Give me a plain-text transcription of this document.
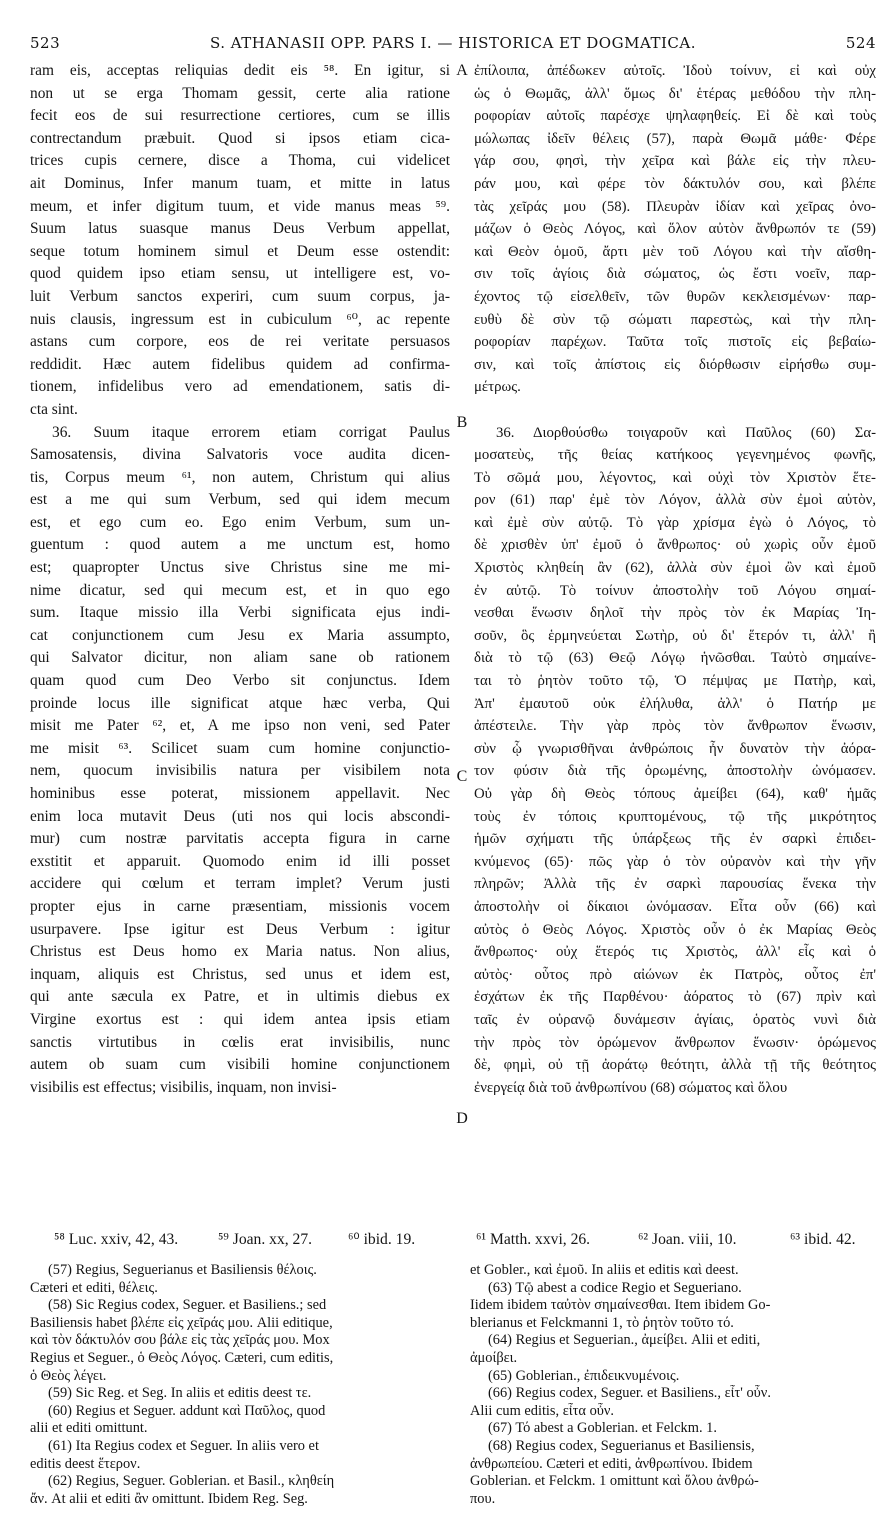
523	S. ATHANASII OPP. PARS I. — HISTORICA ET DOGMATICA.	524
ram eis, acceptas reliquias dedit eis ⁵⁸. En igitur, si
non ut se erga Thomam gessit, certe alia ratione
fecit eos de sui resurrectione certiores, cum se illis
contrectandum præbuit. Quod si ipsos etiam cica-
trices cupis cernere, disce a Thoma, cui videlicet
ait Dominus, Infer manum tuam, et mitte in latus
meum, et infer digitum tuum, et vide manus meas ⁵⁹.
Suum latus suasque manus Deus Verbum appellat,
seque totum hominem simul et Deum esse ostendit:
quod quidem ipso etiam sensu, ut intelligere est, vo-
luit Verbum sanctos experiri, cum suum corpus, ja-
nuis clausis, ingressum est in cubiculum ⁶⁰, ac repente
astans cum corpore, eos de rei veritate persuasos
reddidit. Hæc autem fidelibus quidem ad confirma-
tionem, infidelibus vero ad emendationem, satis di-
cta sint.
36. Suum itaque errorem etiam corrigat Paulus
Samosatensis, divina Salvatoris voce audita dicen-
tis, Corpus meum ⁶¹, non autem, Christum qui alius
est a me qui sum Verbum, sed qui idem mecum
est, et ego cum eo. Ego enim Verbum, sum un-
guentum : quod autem a me unctum est, homo
est; quapropter Unctus sive Christus sine me mi-
nime dicatur, sed qui mecum est, et in quo ego
sum. Itaque missio illa Verbi significata ejus indi-
cat conjunctionem cum Jesu ex Maria assumpto,
qui Salvator dicitur, non aliam sane ob rationem
quam quod cum Deo Verbo sit conjunctus. Idem
proinde locus ille significat atque hæc verba, Qui
misit me Pater ⁶², et, A me ipso non veni, sed Pater
me misit ⁶³. Scilicet suam cum homine conjunctio-
nem, quocum invisibilis natura per visibilem nota
hominibus esse poterat, missionem appellavit. Nec
enim loca mutavit Deus (uti nos qui locis abscondi-
mur) cum nostræ parvitatis accepta figura in carne
exstitit et apparuit. Quomodo enim id illi posset
accidere qui cœlum et terram implet? Verum justi
propter ejus in carne præsentiam, missionis vocem
usurpavere. Ipse igitur est Deus Verbum : igitur
Christus est Deus homo ex Maria natus. Non alius,
inquam, aliquis est Christus, sed unus et idem est,
qui ante sæcula ex Patre, et in ultimis diebus ex
Virgine exortus est : qui idem antea ipsis etiam
sanctis virtutibus in cœlis erat invisibilis, nunc
autem ob suam cum visibili homine conjunctionem
visibilis est effectus; visibilis, inquam, non invisi-
ἐπίλοιπα, ἀπέδωκεν αὐτοῖς. Ἰδοὺ τοίνυν, εἰ καὶ οὐχ
ὡς ὁ Θωμᾶς, ἀλλ' ὅμως δι' ἑτέρας μεθόδου τὴν πλη-
ροφορίαν αὐτοῖς παρέσχε ψηλαφηθείς. Εἰ δὲ καὶ τοὺς
μώλωπας ἰδεῖν θέλεις (57), παρὰ Θωμᾶ μάθε· Φέρε
γάρ σου, φησὶ, τὴν χεῖρα καὶ βάλε εἰς τὴν πλευ-
ράν μου, καὶ φέρε τὸν δάκτυλόν σου, καὶ βλέπε
τὰς χεῖράς μου (58). Πλευρὰν ἰδίαν καὶ χεῖρας ὀνο-
μάζων ὁ Θεὸς Λόγος, καὶ ὅλον αὐτὸν ἄνθρωπόν τε (59)
καὶ Θεὸν ὁμοῦ, ἄρτι μὲν τοῦ Λόγου καὶ τὴν αἴσθη-
σιν τοῖς ἁγίοις διὰ σώματος, ὡς ἔστι νοεῖν, παρ-
έχοντος τῷ εἰσελθεῖν, τῶν θυρῶν κεκλεισμένων· παρ-
ευθὺ δὲ σὺν τῷ σώματι παρεστὼς, καὶ τὴν πλη-
ροφορίαν παρέχων. Ταῦτα τοῖς πιστοῖς εἰς βεβαίω-
σιν, καὶ τοῖς ἀπίστοις εἰς διόρθωσιν εἰρήσθω συμ-
μέτρως.

36. Διορθούσθω τοιγαροῦν καὶ Παῦλος (60) Σα-
μοσατεὺς, τῆς θείας κατήκοος γεγενημένος φωνῆς,
Τὸ σῶμά μου, λέγοντος, καὶ οὐχὶ τὸν Χριστὸν ἕτε-
ρον (61) παρ' ἐμὲ τὸν Λόγον, ἀλλὰ σὺν ἐμοὶ αὐτὸν,
καὶ ἐμὲ σὺν αὐτῷ. Τὸ γὰρ χρίσμα ἐγὼ ὁ Λόγος, τὸ
δὲ χρισθὲν ὑπ' ἐμοῦ ὁ ἄνθρωπος· οὐ χωρὶς οὖν ἐμοῦ
Χριστὸς κληθείη ἂν (62), ἀλλὰ σὺν ἐμοὶ ὢν καὶ ἐμοῦ
ἐν αὐτῷ. Τὸ τοίνυν ἀποστολὴν τοῦ Λόγου σημαί-
νεσθαι ἕνωσιν δηλοῖ τὴν πρὸς τὸν ἐκ Μαρίας Ἰη-
σοῦν, ὃς ἑρμηνεύεται Σωτὴρ, οὐ δι' ἕτερόν τι, ἀλλ' ἢ
διὰ τὸ τῷ (63) Θεῷ Λόγῳ ἡνῶσθαι. Ταὐτὸ σημαίνε-
ται τὸ ῥητὸν τοῦτο τῷ, Ὁ πέμψας με Πατὴρ, καὶ,
Ἀπ' ἐμαυτοῦ οὐκ ἐλήλυθα, ἀλλ' ὁ Πατήρ με
ἀπέστειλε. Τὴν γὰρ πρὸς τὸν ἄνθρωπον ἕνωσιν,
σὺν ᾧ γνωρισθῆναι ἀνθρώποις ἦν δυνατὸν τὴν ἀόρα-
τον φύσιν διὰ τῆς ὁρωμένης, ἀποστολὴν ὠνόμασεν.
Οὐ γὰρ δὴ Θεὸς τόπους ἀμείβει (64), καθ' ἡμᾶς
τοὺς ἐν τόποις κρυπτομένους, τῷ τῆς μικρότητος
ἡμῶν σχήματι τῆς ὑπάρξεως τῆς ἐν σαρκὶ ἐπιδει-
κνύμενος (65)· πῶς γὰρ ὁ τὸν οὐρανὸν καὶ τὴν γῆν
πληρῶν; Ἀλλὰ τῆς ἐν σαρκὶ παρουσίας ἕνεκα τὴν
ἀποστολὴν οἱ δίκαιοι ὠνόμασαν. Εἶτα οὖν (66) καὶ
αὐτὸς ὁ Θεὸς Λόγος. Χριστὸς οὖν ὁ ἐκ Μαρίας Θεὸς
ἄνθρωπος· οὐχ ἕτερός τις Χριστὸς, ἀλλ' εἷς καὶ ὁ
αὐτὸς· οὗτος πρὸ αἰώνων ἐκ Πατρὸς, οὗτος ἐπ'
ἐσχάτων ἐκ τῆς Παρθένου· ἀόρατος τὸ (67) πρὶν καὶ
ταῖς ἐν οὐρανῷ δυνάμεσιν ἁγίαις, ὁρατὸς νυνὶ διὰ
τὴν πρὸς τὸν ὁρώμενον ἄνθρωπον ἕνωσιν· ὁρώμενος
δὲ, φημὶ, οὐ τῇ ἀοράτῳ θεότητι, ἀλλὰ τῇ τῆς θεότητος
ἐνεργείᾳ διὰ τοῦ ἀνθρωπίνου (68) σώματος καὶ ὅλου
A
B
C
D
⁵⁸ Luc. xxiv, 42, 43.	⁵⁹ Joan. xx, 27. ⁶⁰ ibid. 19.	⁶¹ Matth. xxvi, 26.	⁶² Joan. viii, 10.	⁶³ ibid. 42.
(57) Regius, Seguerianus et Basiliensis θέλοις.
Cæteri et editi, θέλεις.
(58) Sic Regius codex, Seguer. et Basiliens.; sed
Basiliensis habet βλέπε εἰς χεῖράς μου. Alii editique,
καὶ τὸν δάκτυλόν σου βάλε εἰς τὰς χεῖράς μου. Mox
Regius et Seguer., ὁ Θεὸς Λόγος. Cæteri, cum editis,
ὁ Θεὸς λέγει.
(59) Sic Reg. et Seg. In aliis et editis deest τε.
(60) Regius et Seguer. addunt καὶ Παῦλος, quod
alii et editi omittunt.
(61) Ita Regius codex et Seguer. In aliis vero et
editis deest ἕτερον.
(62) Regius, Seguer. Goblerian. et Basil., κληθείη
ἄν. At alii et editi ἂν omittunt. Ibidem Reg. Seg.
et Gobler., καὶ ἐμοῦ. In aliis et editis καὶ deest.
(63) Τῷ abest a codice Regio et Segueriano.
Iidem ibidem ταὐτὸν σημαίνεσθαι. Item ibidem Go-
blerianus et Felckmanni 1, τὸ ῥητὸν τοῦτο τό.
(64) Regius et Seguerian., ἀμείβει. Alii et editi,
ἀμοίβει.
(65) Goblerian., ἐπιδεικνυμένοις.
(66) Regius codex, Seguer. et Basiliens., εἶτ' οὖν.
Alii cum editis, εἶτα οὖν.
(67) Τό abest a Goblerian. et Felckm. 1.
(68) Regius codex, Seguerianus et Basiliensis,
ἀνθρωπείου. Cæteri et editi, ἀνθρωπίνου. Ibidem
Goblerian. et Felckm. 1 omittunt καὶ ὅλου ἀνθρώ-
που.
